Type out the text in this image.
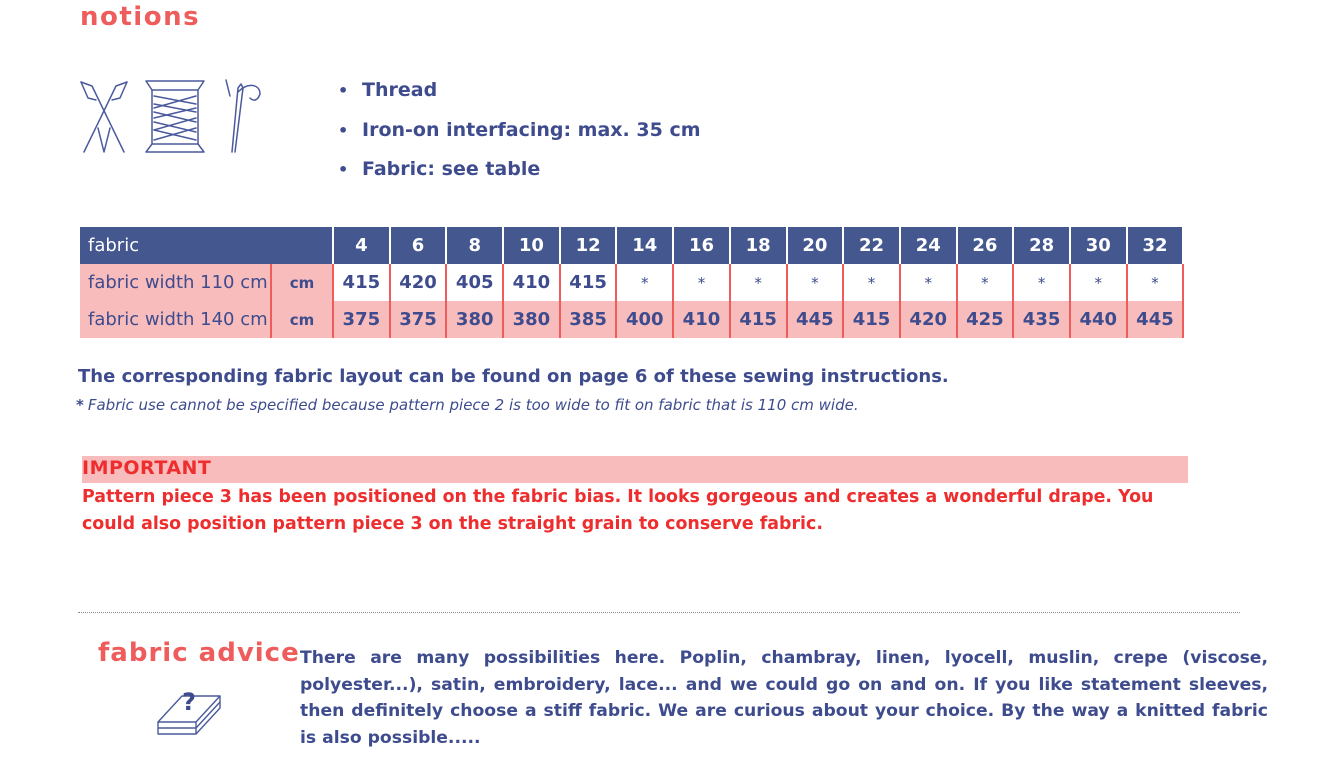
notions
• Thread
• Iron-on interfacing: max. 35 cm
• Fabric: see table
fabric	4	6	8	10	12	14	16	18	20	22	24	26	28	30	32
fabric width 110 cm	cm	415	420	405	410	415	*	*	*	*	*	*	*	*	*	*
fabric width 140 cm	cm	375	375	380	380	385	400	410	415	445	415	420	425	435	440	445
The corresponding fabric layout can be found on page 6 of these sewing instructions.
* Fabric use cannot be specified because pattern piece 2 is too wide to fit on fabric that is 110 cm wide.
IMPORTANT
Pattern piece 3 has been positioned on the fabric bias. It looks gorgeous and creates a wonderful drape. You could also position pattern piece 3 on the straight grain to conserve fabric.
fabric advice
?
There are many possibilities here. Poplin, chambray, linen, lyocell, muslin, crepe (viscose, polyester...), satin, embroidery, lace... and we could go on and on. If you like statement sleeves, then definitely choose a stiff fabric. We are curious about your choice. By the way a knitted fabric is also possible.....
